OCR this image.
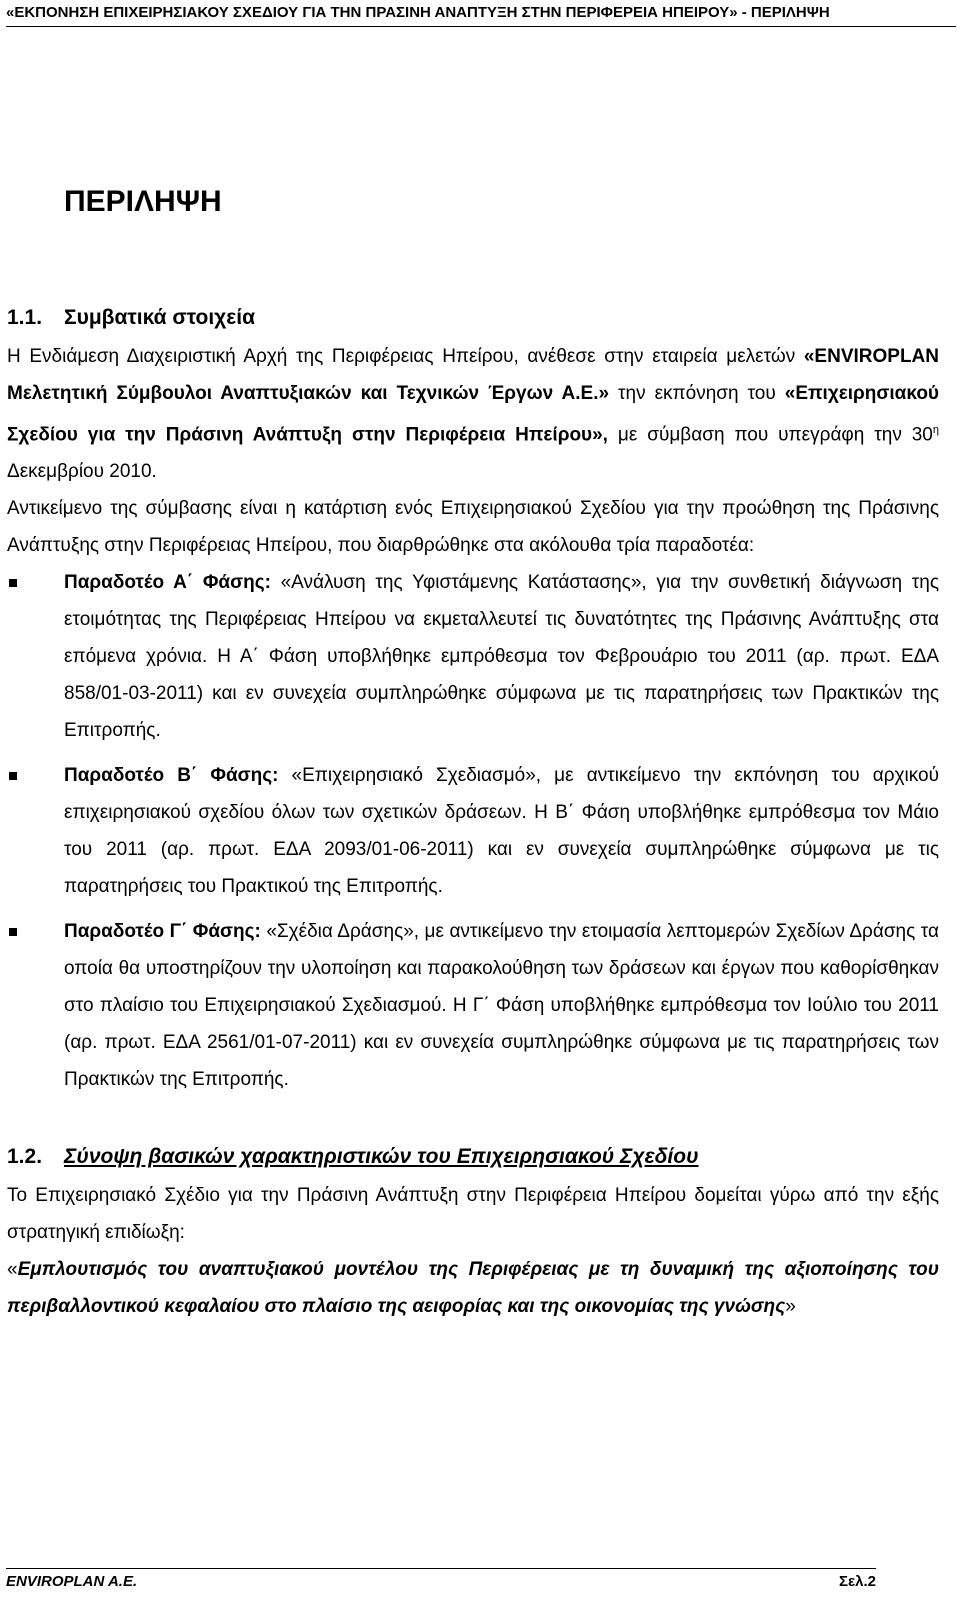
«ΕΚΠΟΝΗΣΗ ΕΠΙΧΕΙΡΗΣΙΑΚΟΥ ΣΧΕΔΙΟΥ ΓΙΑ ΤΗΝ ΠΡΑΣΙΝΗ ΑΝΑΠΤΥΞΗ ΣΤΗΝ ΠΕΡΙΦΕΡΕΙΑ ΗΠΕΙΡΟΥ» - ΠΕΡΙΛΗΨΗ
ΠΕΡΙΛΗΨΗ
1.1.	Συμβατικά στοιχεία

Η Ενδιάμεση Διαχειριστική Αρχή της Περιφέρειας Ηπείρου, ανέθεσε στην εταιρεία μελετών «ENVIROPLAN Μελετητική Σύμβουλοι Αναπτυξιακών και Τεχνικών Έργων Α.Ε.» την εκπόνηση του «Επιχειρησιακού Σχεδίου για την Πράσινη Ανάπτυξη στην Περιφέρεια Ηπείρου», με σύμβαση που υπεγράφη την $30^\eta$ Δεκεμβρίου 2010.

Αντικείμενο της σύμβασης είναι η κατάρτιση ενός Επιχειρησιακού Σχεδίου για την προώθηση της Πράσινης Ανάπτυξης στην Περιφέρειας Ηπείρου, που διαρθρώθηκε στα ακόλουθα τρία παραδοτέα:

Παραδοτέο Α΄ Φάσης: «Ανάλυση της Υφιστάμενης Κατάστασης», για την συνθετική διάγνωση της ετοιμότητας της Περιφέρειας Ηπείρου να εκμεταλλευτεί τις δυνατότητες της Πράσινης Ανάπτυξης στα επόμενα χρόνια. Η Α΄ Φάση υποβλήθηκε εμπρόθεσμα τον Φεβρουάριο του 2011 (αρ. πρωτ. ΕΔΑ 858/01-03-2011) και εν συνεχεία συμπληρώθηκε σύμφωνα με τις παρατηρήσεις των Πρακτικών της Επιτροπής.
Παραδοτέο Β΄ Φάσης: «Επιχειρησιακό Σχεδιασμό», με αντικείμενο την εκπόνηση του αρχικού επιχειρησιακού σχεδίου όλων των σχετικών δράσεων. Η Β΄ Φάση υποβλήθηκε εμπρόθεσμα τον Μάιο του 2011 (αρ. πρωτ. ΕΔΑ 2093/01-06-2011) και εν συνεχεία συμπληρώθηκε σύμφωνα με τις παρατηρήσεις του Πρακτικού της Επιτροπής.
Παραδοτέο Γ΄ Φάσης: «Σχέδια Δράσης», με αντικείμενο την ετοιμασία λεπτομερών Σχεδίων Δράσης τα οποία θα υποστηρίζουν την υλοποίηση και παρακολούθηση των δράσεων και έργων που καθορίσθηκαν στο πλαίσιο του Επιχειρησιακού Σχεδιασμού. Η Γ΄ Φάση υποβλήθηκε εμπρόθεσμα τον Ιούλιο του 2011 (αρ. πρωτ. ΕΔΑ 2561/01-07-2011) και εν συνεχεία συμπληρώθηκε σύμφωνα με τις παρατηρήσεις των Πρακτικών της Επιτροπής.
1.2.	Σύνοψη βασικών χαρακτηριστικών του Επιχειρησιακού Σχεδίου

Το Επιχειρησιακό Σχέδιο για την Πράσινη Ανάπτυξη στην Περιφέρεια Ηπείρου δομείται γύρω από την εξής στρατηγική επιδίωξη:

«Εμπλουτισμός του αναπτυξιακού μοντέλου της Περιφέρειας με τη δυναμική της αξιοποίησης του περιβαλλοντικού κεφαλαίου στο πλαίσιο της αειφορίας και της οικονομίας της γνώσης»

ENVIROPLAN A.E.	Σελ.2
